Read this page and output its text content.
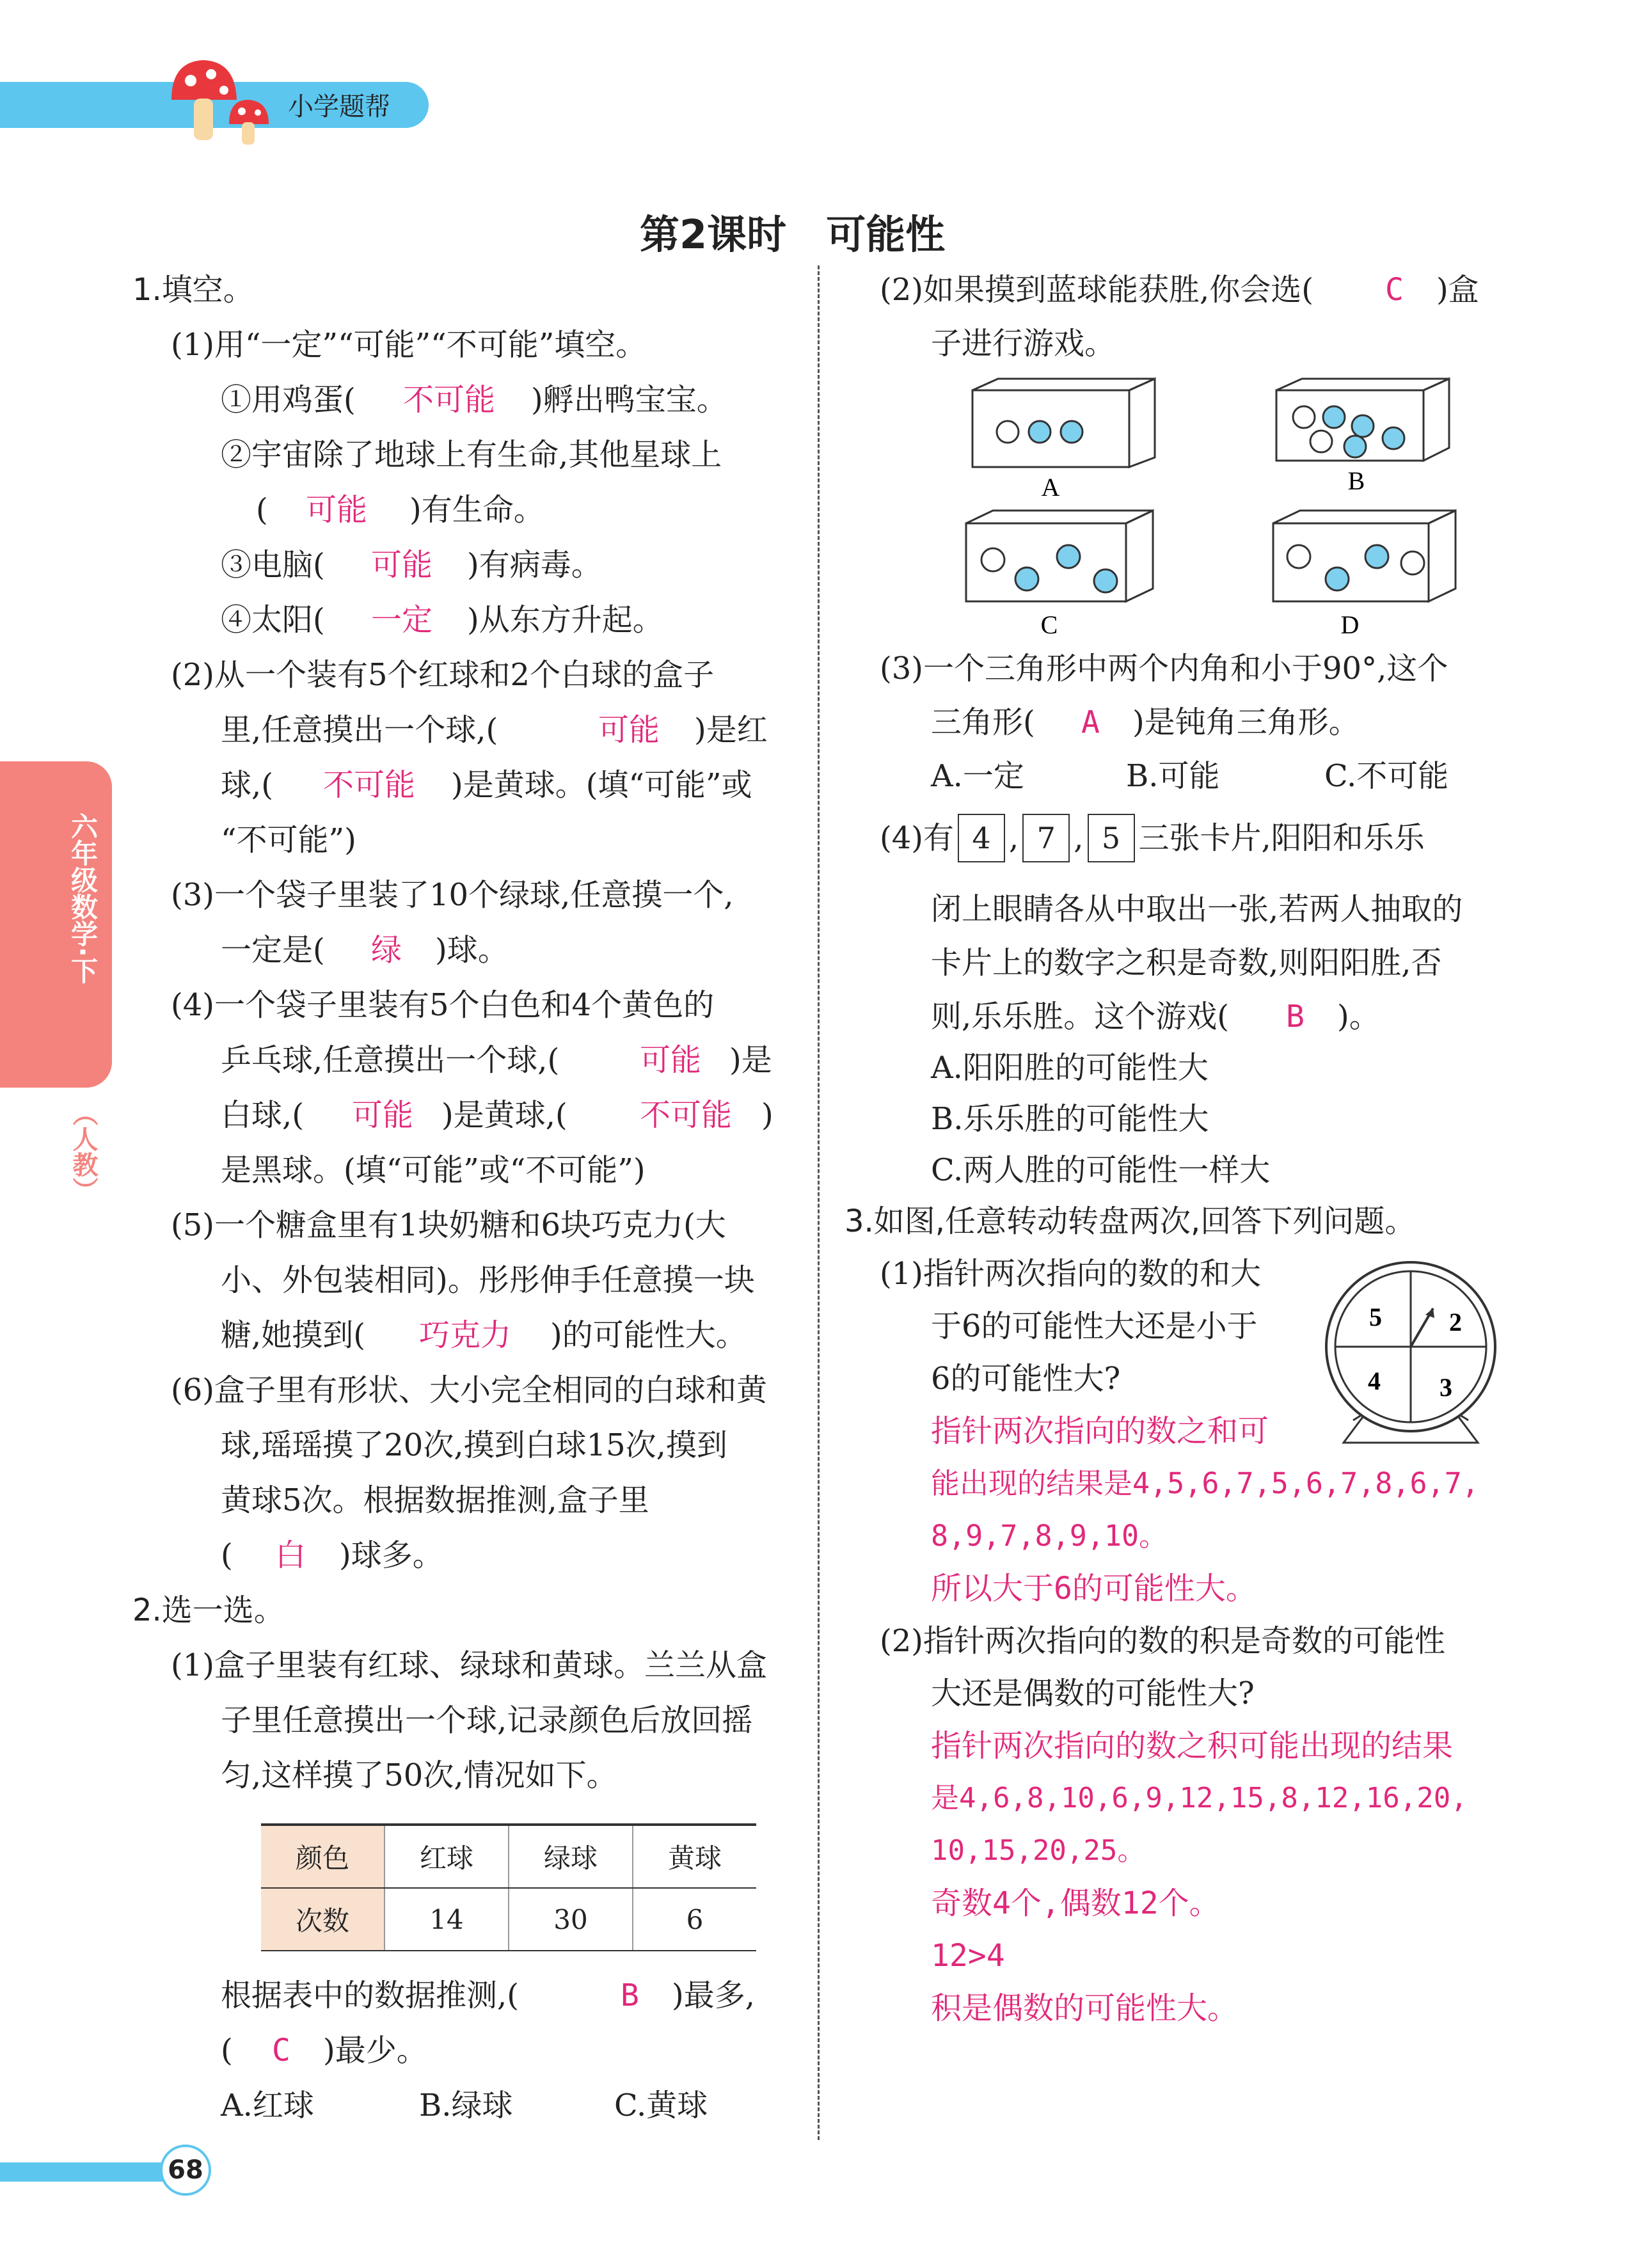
小学题帮
六年级数学·下
（人教）
第2课时　可能性
1.填空。
(1)用“一定”“可能”“不可能”填空。
①用鸡蛋( 不可能 )孵出鸭宝宝。
②宇宙除了地球上有生命,其他星球上
( 可能 )有生命。
③电脑( 可能 )有病毒。
④太阳( 一定 )从东方升起。
(2)从一个装有5个红球和2个白球的盒子
里,任意摸出一个球,(	可能 )是红
球,( 不可能 )是黄球。(填“可能”或
“不可能”)
(3)一个袋子里装了10个绿球,任意摸一个,
一定是( 绿 )球。
(4)一个袋子里装有5个白色和4个黄色的
乒乓球,任意摸出一个球,(	可能 )是
白球,( 可能 )是黄球,( 不可能 )
是黑球。(填“可能”或“不可能”)
(5)一个糖盒里有1块奶糖和6块巧克力(大
小、外包装相同)。彤彤伸手任意摸一块
糖,她摸到( 巧克力 )的可能性大。
(6)盒子里有形状、大小完全相同的白球和黄
球,瑶瑶摸了20次,摸到白球15次,摸到
黄球5次。根据数据推测,盒子里
( 白 )球多。
2.选一选。
(1)盒子里装有红球、绿球和黄球。兰兰从盒
子里任意摸出一个球,记录颜色后放回摇
匀,这样摸了50次,情况如下。
颜色	红球	绿球	黄球
次数	14	30	6
根据表中的数据推测,(	B )最多,
( C )最少。
A.红球	B.绿球	C.黄球
(2)如果摸到蓝球能获胜,你会选( C )盒
子进行游戏。
A	B
C	D
(3)一个三角形中两个内角和小于90°,这个
三角形( A )是钝角三角形。
A.一定	B.可能	C.不可能
(4)有 4 , 7 , 5 三张卡片,阳阳和乐乐
闭上眼睛各从中取出一张,若两人抽取的
卡片上的数字之积是奇数,则阳阳胜,否
则,乐乐胜。这个游戏( B )。
A.阳阳胜的可能性大
B.乐乐胜的可能性大
C.两人胜的可能性一样大
3.如图,任意转动转盘两次,回答下列问题。
(1)指针两次指向的数的和大
于6的可能性大还是小于
6的可能性大?
5	2
4 3
指针两次指向的数之和可
能出现的结果是4,5,6,7,5,6,7,8,6,7,
8,9,7,8,9,10。
所以大于6的可能性大。
(2)指针两次指向的数的积是奇数的可能性
大还是偶数的可能性大?
指针两次指向的数之积可能出现的结果
是4,6,8,10,6,9,12,15,8,12,16,20,
10,15,20,25。
奇数4个,偶数12个。
12>4
积是偶数的可能性大。
68
